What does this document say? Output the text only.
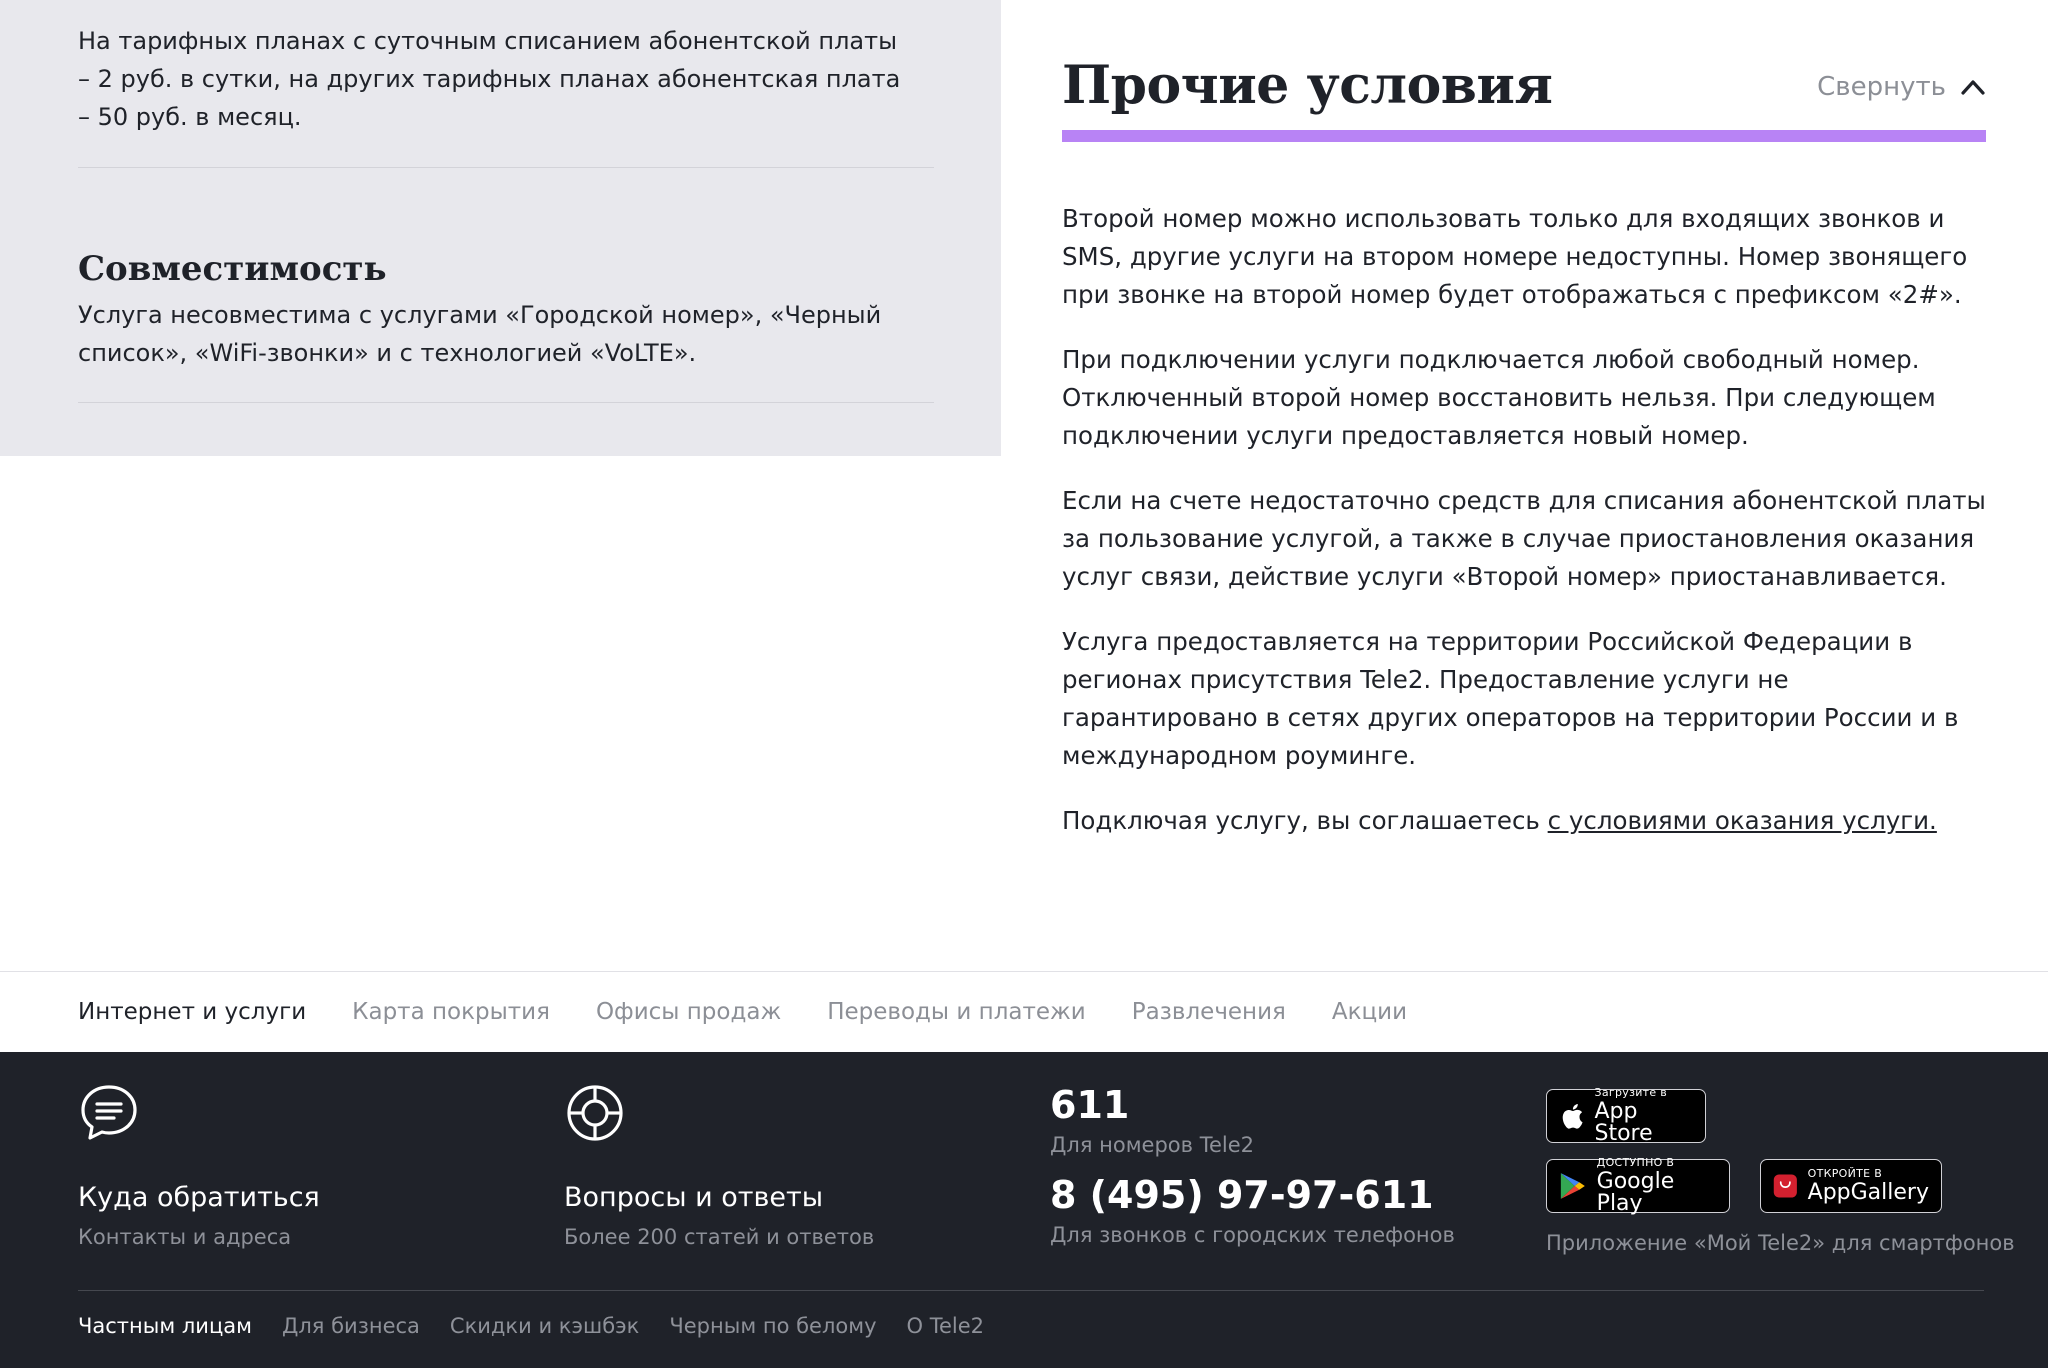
На тарифных планах с суточным списанием абонентской платы – 2 руб. в сутки, на других тарифных планах абонентская плата – 50 руб. в месяц.

Совместимость

Услуга несовместима с услугами «Городской номер», «Черный список», «WiFi-звонки» и с технологией «VoLTE».

Прочие условия	Свернуть

Второй номер можно использовать только для входящих звонков и SMS, другие услуги на втором номере недоступны. Номер звонящего при звонке на второй номер будет отображаться с префиксом «2#».

При подключении услуги подключается любой свободный номер. Отключенный второй номер восстановить нельзя. При следующем подключении услуги предоставляется новый номер.

Если на счете недостаточно средств для списания абонентской платы за пользование услугой, а также в случае приостановления оказания услуг связи, действие услуги «Второй номер» приостанавливается.

Услуга предоставляется на территории Российской Федерации в регионах присутствия Tele2. Предоставление услуги не гарантировано в сетях других операторов на территории России и в международном роуминге.

Подключая услугу, вы соглашаетесь с условиями оказания услуги.

Интернет и услуги Карта покрытия Офисы продаж Переводы и платежи Развлечения Акции
Куда обратиться
Контакты и адреса
Вопросы и ответы
Более 200 статей и ответов
611
Для номеров Tele2
8 (495) 97-97-611
Для звонков с городских телефонов
Загрузите в
App Store
ДОСТУПНО В
Google Play
ОТКРОЙТЕ В
AppGallery
Приложение «Мой Tele2» для смартфонов
Частным лицам Для бизнеса Скидки и кэшбэк Черным по белому О Tele2
